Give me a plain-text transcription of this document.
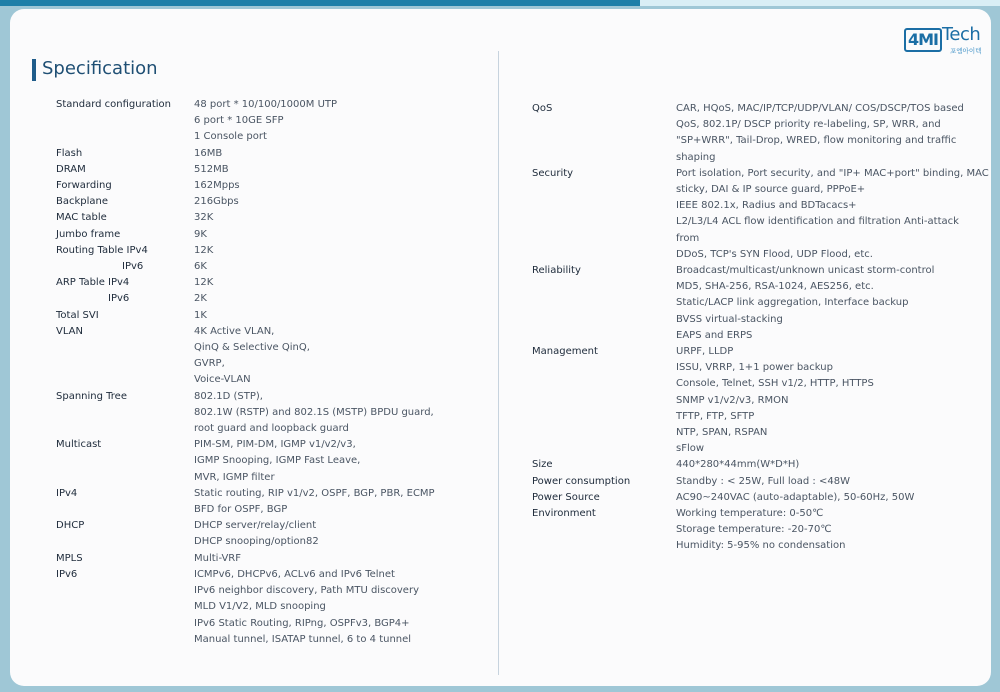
4MI Tech
포엠아이텍
Specification
Standard configuration 48 port * 10/100/1000M UTP
6 port * 10GE SFP
1 Console port
Flash	16MB
DRAM	512MB
Forwarding	162Mpps
Backplane	216Gbps
MAC table	32K
Jumbo frame	9K
Routing Table IPv4	12K
IPv6	6K
ARP Table IPv4	12K
IPv6	2K
Total SVI	1K
VLAN	4K Active VLAN,
QinQ & Selective QinQ,
GVRP,
Voice-VLAN
Spanning Tree	802.1D (STP),
802.1W (RSTP) and 802.1S (MSTP) BPDU guard,
root guard and loopback guard
Multicast	PIM-SM, PIM-DM, IGMP v1/v2/v3,
IGMP Snooping, IGMP Fast Leave,
MVR, IGMP filter
IPv4	Static routing, RIP v1/v2, OSPF, BGP, PBR, ECMP
BFD for OSPF, BGP
DHCP	DHCP server/relay/client
DHCP snooping/option82
MPLS	Multi-VRF
IPv6	ICMPv6, DHCPv6, ACLv6 and IPv6 Telnet
IPv6 neighbor discovery, Path MTU discovery
MLD V1/V2, MLD snooping
IPv6 Static Routing, RIPng, OSPFv3, BGP4+
Manual tunnel, ISATAP tunnel, 6 to 4 tunnel
QoS	CAR, HQoS, MAC/IP/TCP/UDP/VLAN/ COS/DSCP/TOS based
QoS, 802.1P/ DSCP priority re-labeling, SP, WRR, and
"SP+WRR", Tail-Drop, WRED, flow monitoring and traffic
shaping
Security	Port isolation, Port security, and "IP+ MAC+port" binding, MAC
sticky, DAI & IP source guard, PPPoE+
IEEE 802.1x, Radius and BDTacacs+
L2/L3/L4 ACL flow identification and filtration Anti-attack
from
DDoS, TCP's SYN Flood, UDP Flood, etc.
Reliability	Broadcast/multicast/unknown unicast storm-control
MD5, SHA-256, RSA-1024, AES256, etc.
Static/LACP link aggregation, Interface backup
BVSS virtual-stacking
EAPS and ERPS
Management	URPF, LLDP
ISSU, VRRP, 1+1 power backup
Console, Telnet, SSH v1/2, HTTP, HTTPS
SNMP v1/v2/v3, RMON
TFTP, FTP, SFTP
NTP, SPAN, RSPAN
sFlow
Size	440*280*44mm(W*D*H)
Power consumption	Standby : < 25W, Full load : <48W
Power Source	AC90~240VAC (auto-adaptable), 50-60Hz, 50W
Environment	Working temperature: 0-50℃
Storage temperature: -20-70℃
Humidity: 5-95% no condensation
